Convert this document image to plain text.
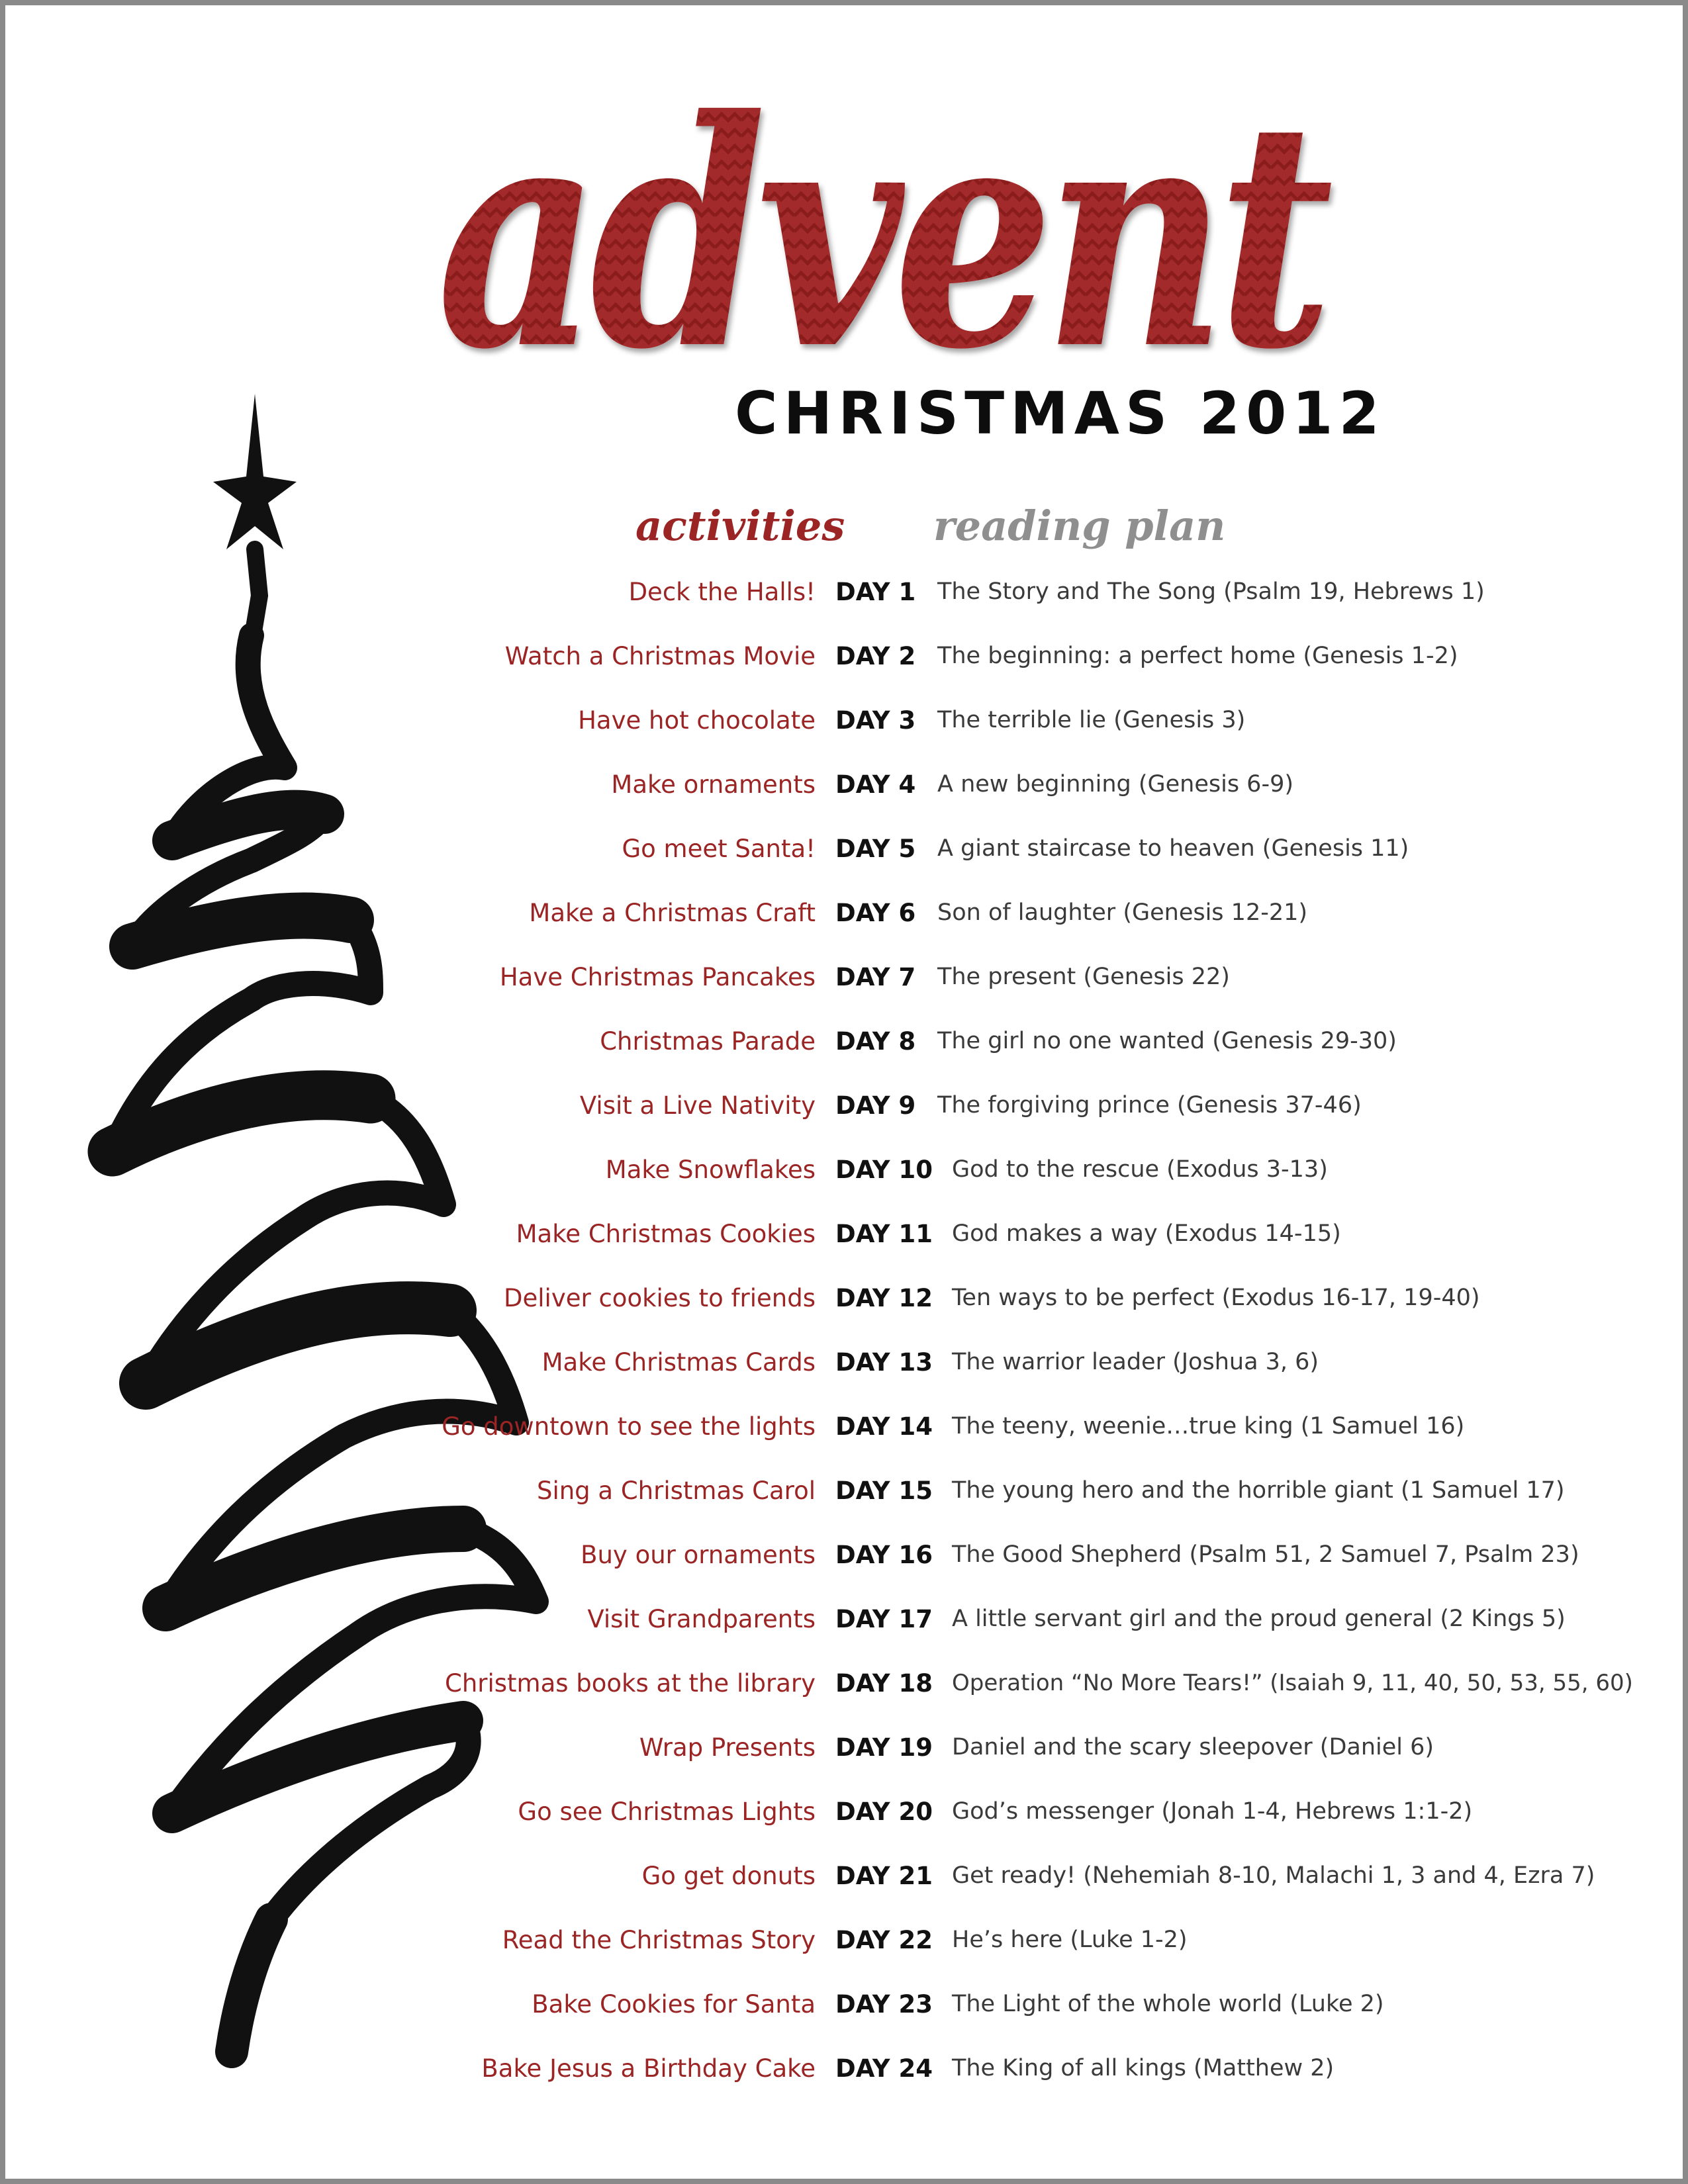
advent
CHRISTMAS 2012
activities reading plan
Deck the Halls! DAY 1 The Story and The Song (Psalm 19, Hebrews 1)
Watch a Christmas Movie DAY 2 The beginning: a perfect home (Genesis 1-2)
Have hot chocolate DAY 3 The terrible lie (Genesis 3)
Make ornaments DAY 4 A new beginning (Genesis 6-9)
Go meet Santa! DAY 5 A giant staircase to heaven (Genesis 11)
Make a Christmas Craft DAY 6 Son of laughter (Genesis 12-21)
Have Christmas Pancakes DAY 7 The present (Genesis 22)
Christmas Parade DAY 8 The girl no one wanted (Genesis 29-30)
Visit a Live Nativity DAY 9 The forgiving prince (Genesis 37-46)
Make Snowflakes DAY 10 God to the rescue (Exodus 3-13)
Make Christmas Cookies DAY 11 God makes a way (Exodus 14-15)
Deliver cookies to friends DAY 12 Ten ways to be perfect (Exodus 16-17, 19-40)
Make Christmas Cards DAY 13 The warrior leader (Joshua 3, 6)
Go downtown to see the lights DAY 14 The teeny, weenie…true king (1 Samuel 16)
Sing a Christmas Carol DAY 15 The young hero and the horrible giant (1 Samuel 17)
Buy our ornaments DAY 16 The Good Shepherd (Psalm 51, 2 Samuel 7, Psalm 23)
Visit Grandparents DAY 17 A little servant girl and the proud general (2 Kings 5)
Christmas books at the library DAY 18 Operation “No More Tears!” (Isaiah 9, 11, 40, 50, 53, 55, 60)
Wrap Presents DAY 19 Daniel and the scary sleepover (Daniel 6)
Go see Christmas Lights DAY 20 God’s messenger (Jonah 1-4, Hebrews 1:1-2)
Go get donuts DAY 21 Get ready! (Nehemiah 8-10, Malachi 1, 3 and 4, Ezra 7)
Read the Christmas Story DAY 22 He’s here (Luke 1-2)
Bake Cookies for Santa DAY 23 The Light of the whole world (Luke 2)
Bake Jesus a Birthday Cake DAY 24 The King of all kings (Matthew 2)
